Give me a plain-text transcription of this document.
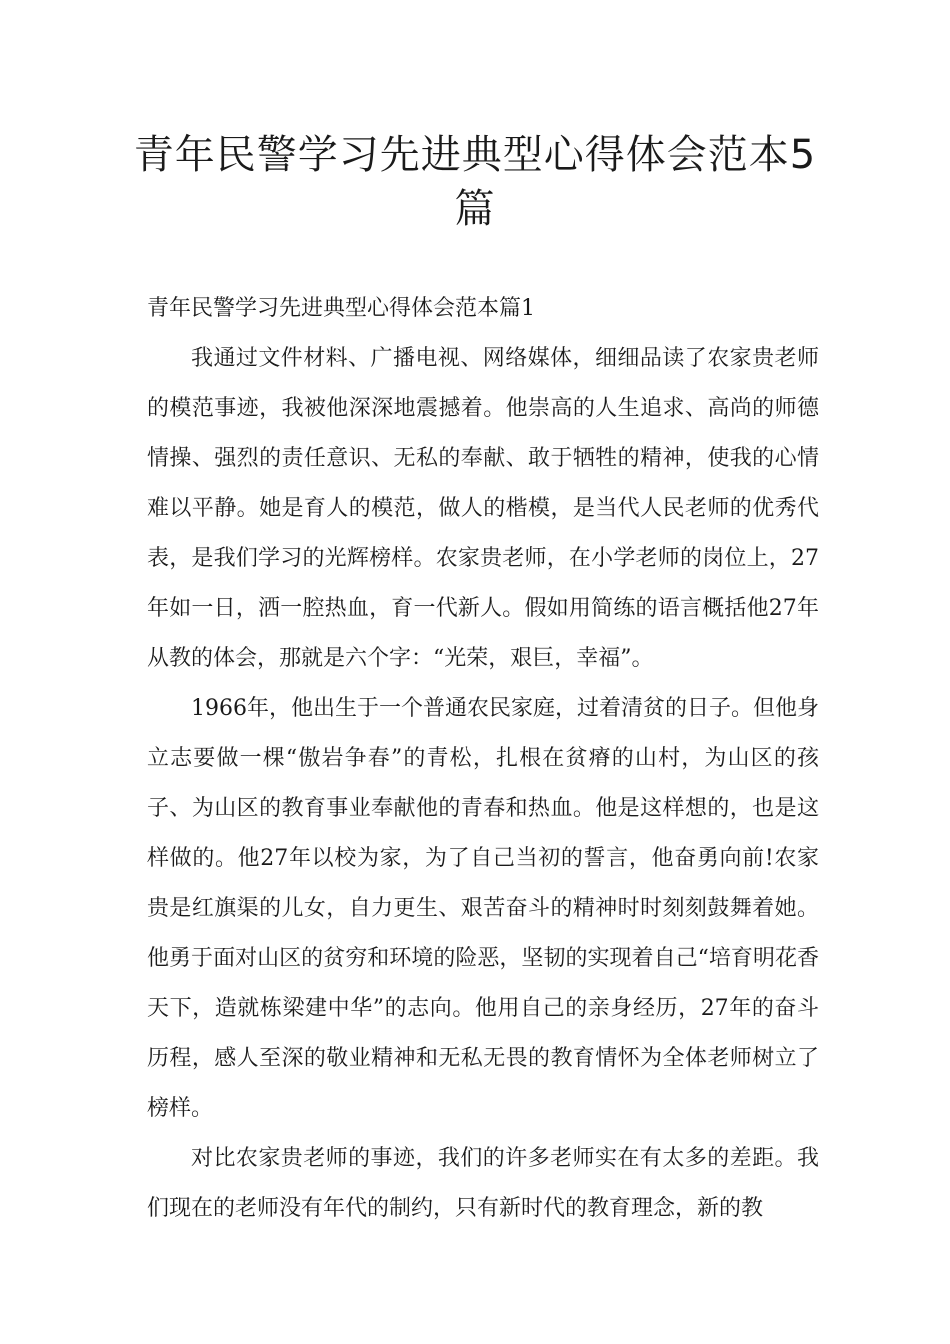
青年民警学习先进典型心得体会范本5篇

青年民警学习先进典型心得体会范本篇1

我通过文件材料、广播电视、网络媒体，细细品读了农家贵老师的模范事迹，我被他深深地震撼着。他崇高的人生追求、高尚的师德情操、强烈的责任意识、无私的奉献、敢于牺牲的精神，使我的心情难以平静。她是育人的模范，做人的楷模，是当代人民老师的优秀代表，是我们学习的光辉榜样。农家贵老师，在小学老师的岗位上，27年如一日，洒一腔热血，育一代新人。假如用简练的语言概括他27年从教的体会，那就是六个字：“光荣，艰巨，幸福”。

1966年，他出生于一个普通农民家庭，过着清贫的日子。但他身立志要做一棵“傲岩争春”的青松，扎根在贫瘠的山村，为山区的孩子、为山区的教育事业奉献他的青春和热血。他是这样想的，也是这样做的。他27年以校为家，为了自己当初的誓言，他奋勇向前!农家贵是红旗渠的儿女，自力更生、艰苦奋斗的精神时时刻刻鼓舞着她。他勇于面对山区的贫穷和环境的险恶，坚韧的实现着自己“培育明花香天下，造就栋梁建中华”的志向。他用自己的亲身经历，27年的奋斗历程，感人至深的敬业精神和无私无畏的教育情怀为全体老师树立了榜样。

对比农家贵老师的事迹，我们的许多老师实在有太多的差距。我们现在的老师没有年代的制约，只有新时代的教育理念，新的教
